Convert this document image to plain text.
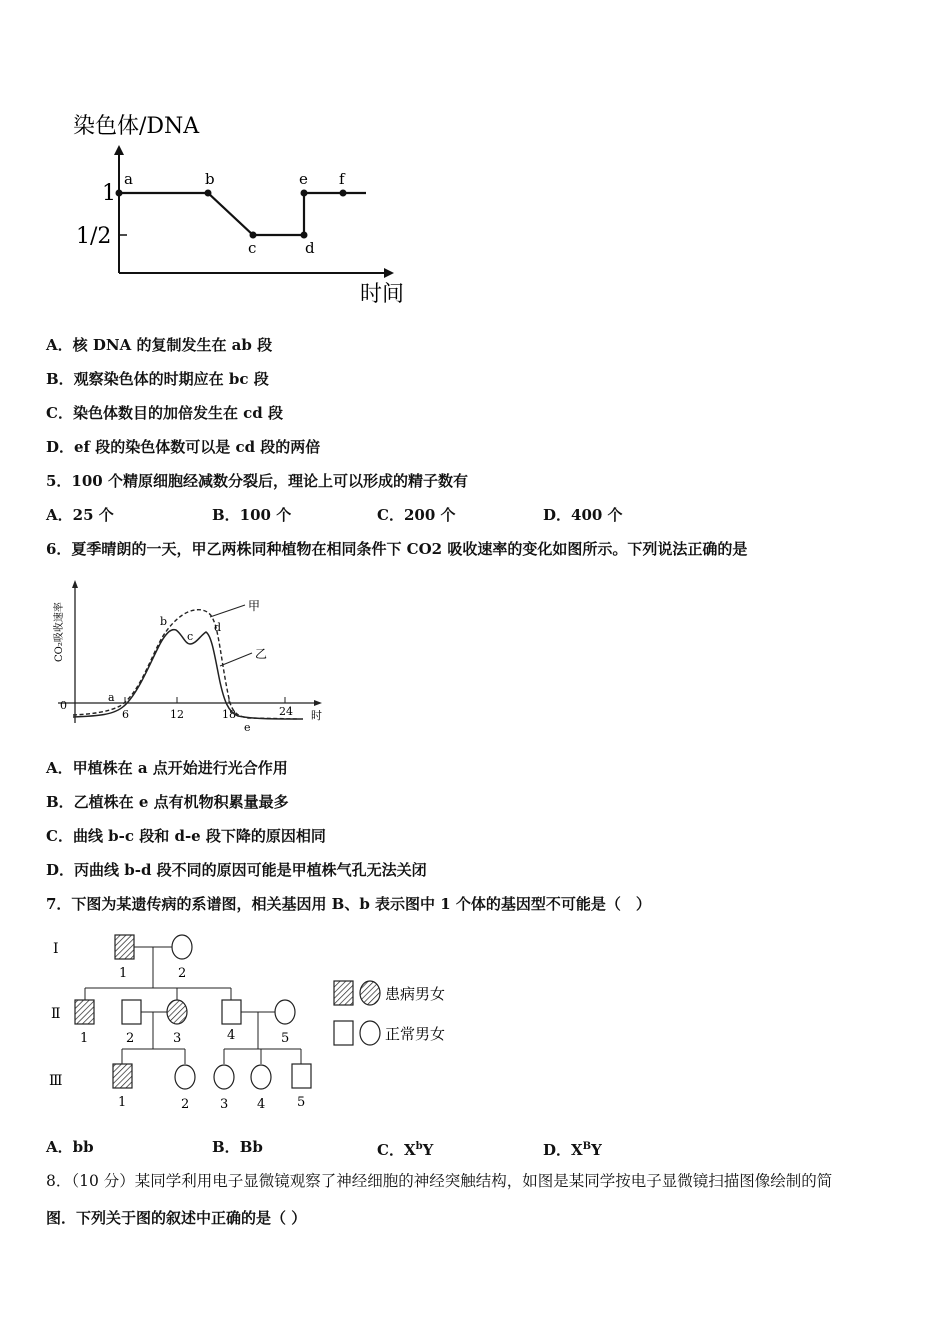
染色体/DNA
时间
1
1/2
a	b
c	d
e f
A．核 DNA 的复制发生在 ab 段
B．观察染色体的时期应在 bc 段
C．染色体数目的加倍发生在 cd 段
D．ef 段的染色体数可以是 cd 段的两倍
5．100 个精原细胞经减数分裂后，理论上可以形成的精子数有
A．25 个	B．100 个	C．200 个	D．400 个
6．夏季晴朗的一天，甲乙两株同种植物在相同条件下 CO2 吸收速率的变化如图所示。下列说法正确的是
CO₂吸收速率
时
0
6	12	18	24
a
b
c
d
e
甲
乙
A．甲植株在 a 点开始进行光合作用
B．乙植株在 e 点有机物积累量最多
C．曲线 b-c 段和 d-e 段下降的原因相同
D．丙曲线 b-d 段不同的原因可能是甲植株气孔无法关闭
7．下图为某遗传病的系谱图，相关基因用 B、b 表示图中 1 个体的基因型不可能是（　）
Ⅰ
Ⅱ
Ⅲ
1	2
1	2	3	4	5
1	2 3 4 5
患病男女
正常男女
A．bb	B．Bb	C．$X^bY$	D．$X^BY$
8．（10 分）某同学利用电子显微镜观察了神经细胞的神经突触结构，如图是某同学按电子显微镜扫描图像绘制的简
图．下列关于图的叙述中正确的是（ ）
